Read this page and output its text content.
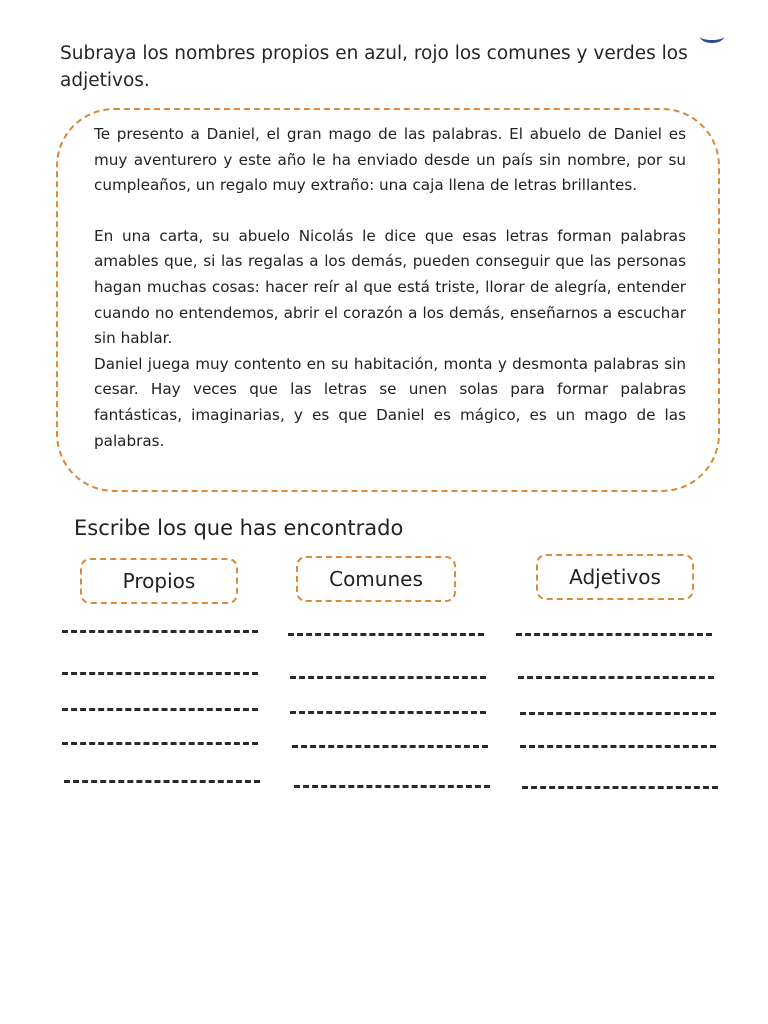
Subraya los nombres propios en azul, rojo los comunes y verdes los adjetivos.

Te presento a Daniel, el gran mago de las palabras. El abuelo de Daniel es muy aventurero y este año le ha enviado desde un país sin nombre, por su cumpleaños, un regalo muy extraño: una caja llena de letras brillantes.

En una carta, su abuelo Nicolás le dice que esas letras forman palabras amables que, si las regalas a los demás, pueden conseguir que las personas hagan muchas cosas: hacer reír al que está triste, llorar de alegría, entender cuando no entendemos, abrir el corazón a los demás, enseñarnos a escuchar sin hablar.

Daniel juega muy contento en su habitación, monta y desmonta palabras sin cesar. Hay veces que las letras se unen solas para formar palabras fantásticas, imaginarias, y es que Daniel es mágico, es un mago de las palabras.

Escribe los que has encontrado
Propios	Comunes	Adjetivos
